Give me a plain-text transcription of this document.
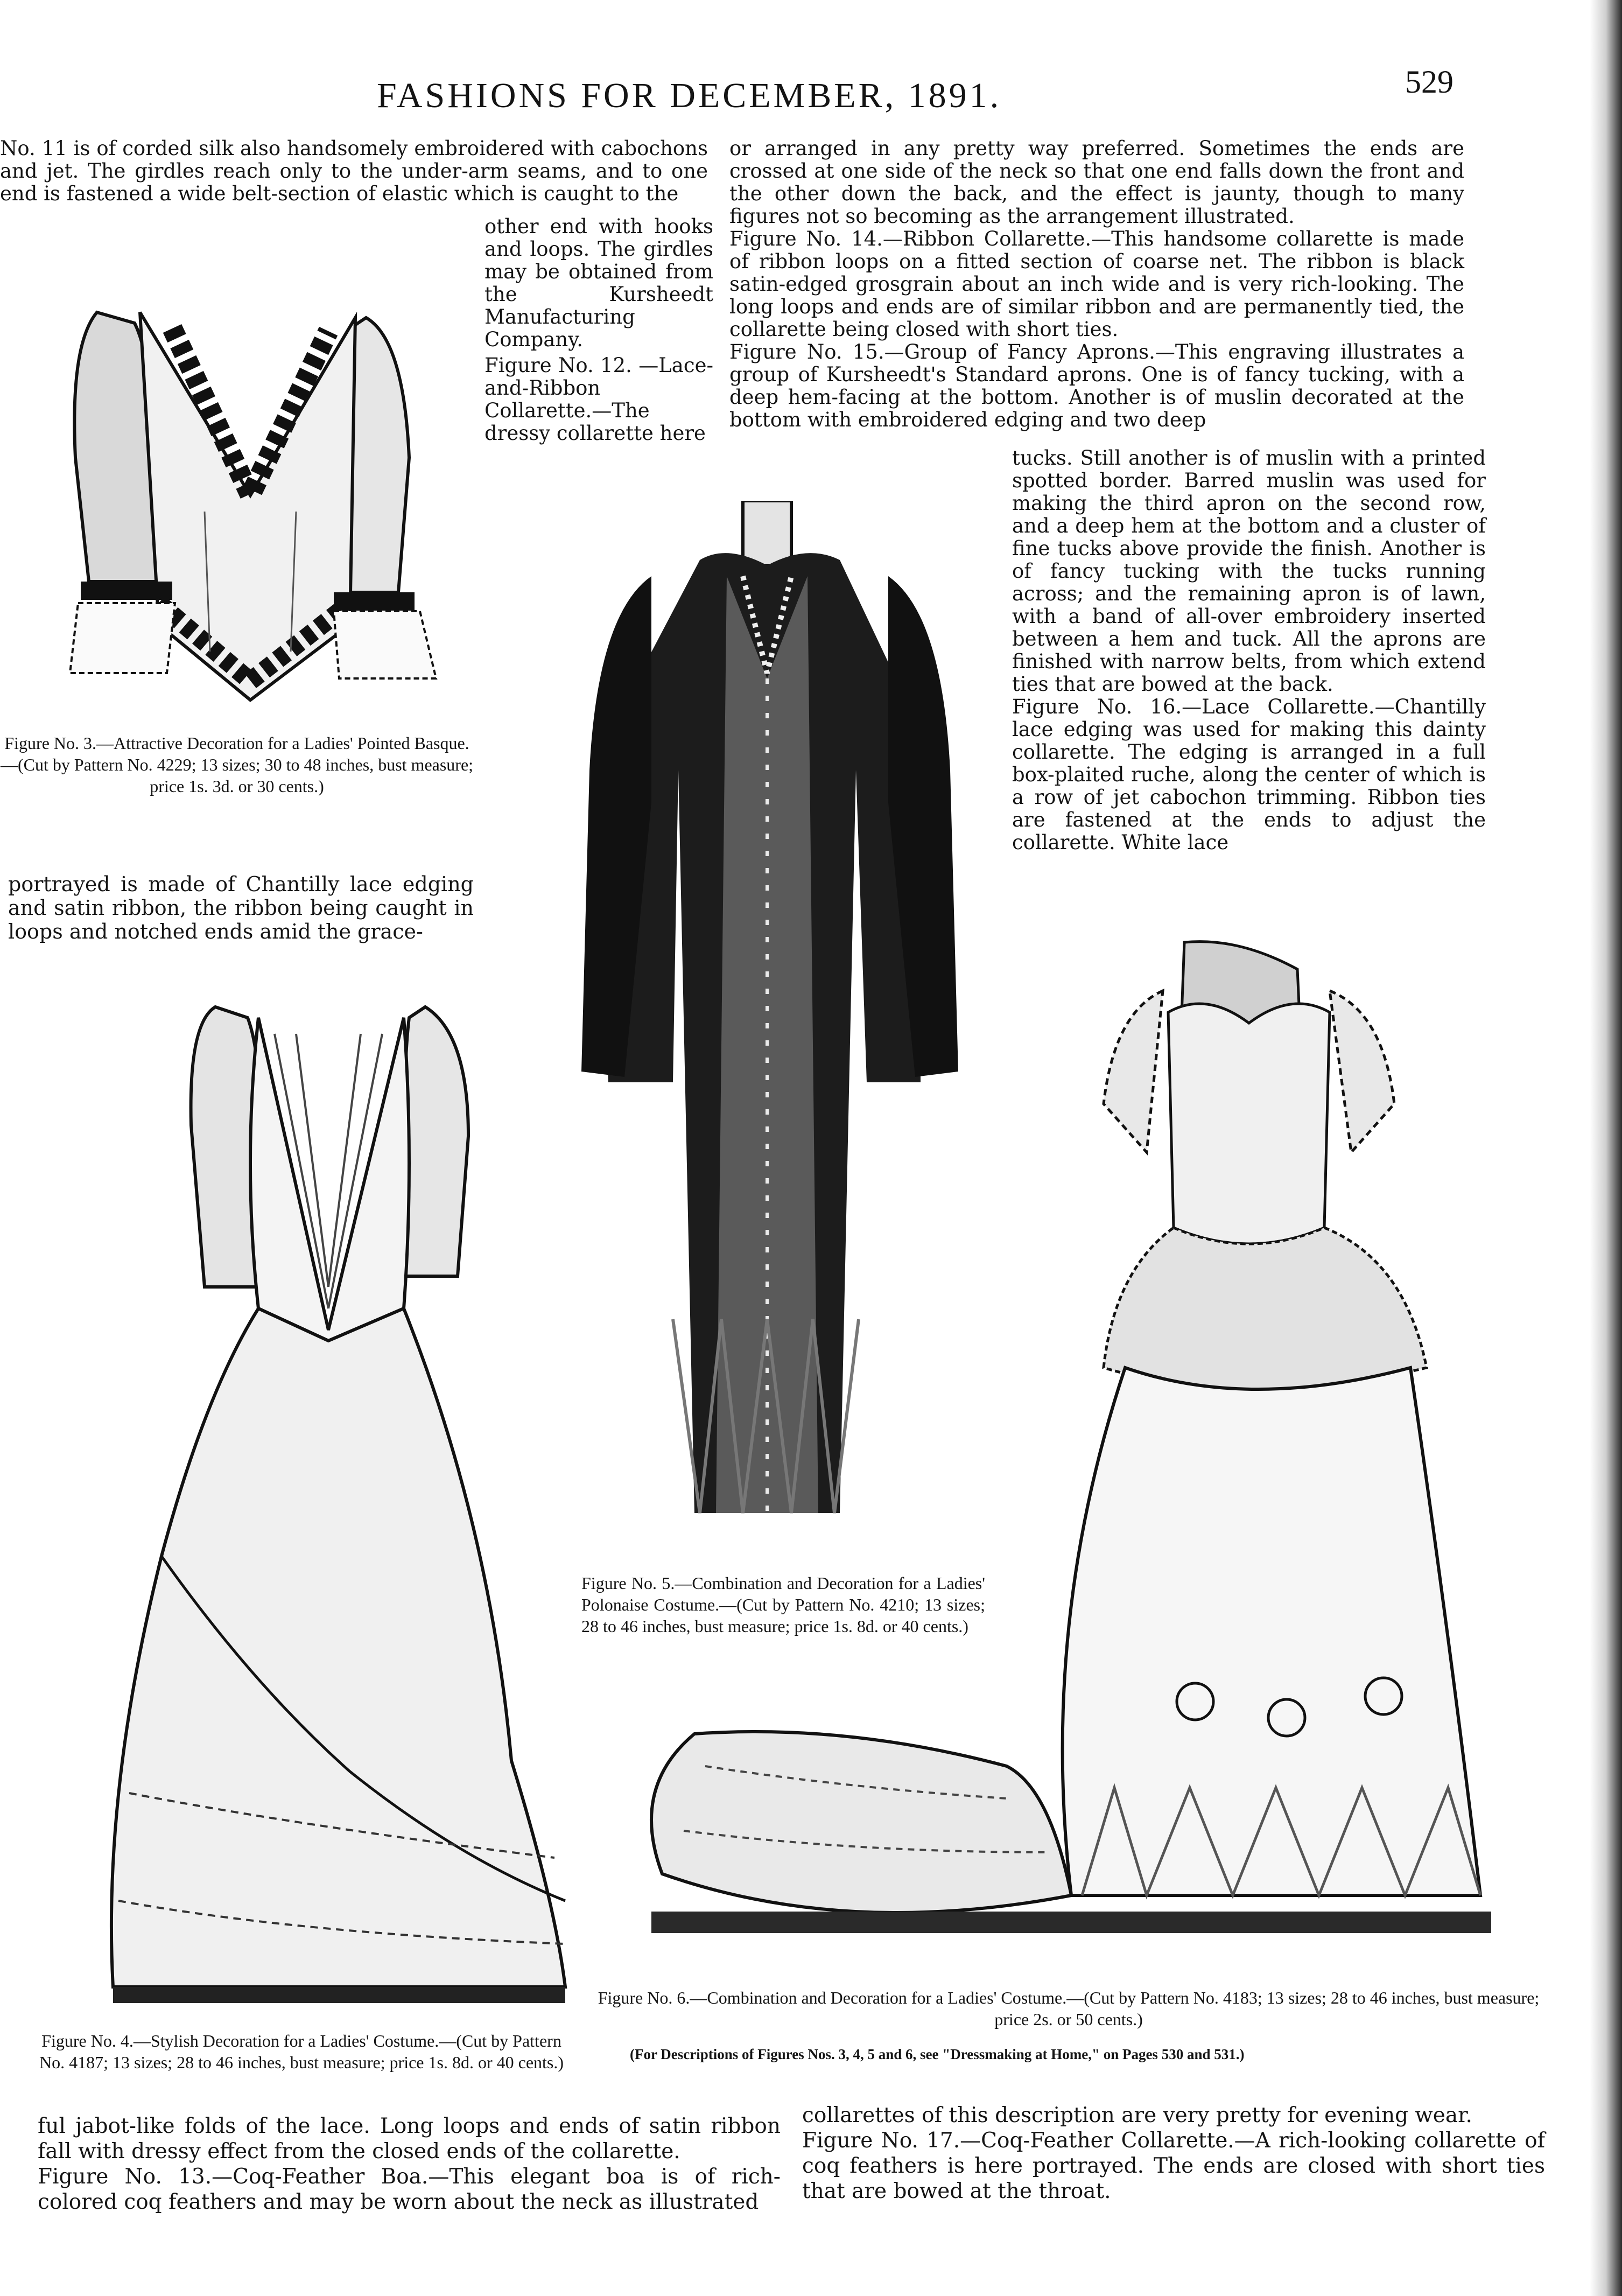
FASHIONS FOR DECEMBER, 1891.	529

No. 11 is of corded silk also handsomely embroidered with cabochons and jet. The girdles reach only to the under-arm seams, and to one end is fastened a wide belt-section of elastic which is caught to the

other end with hooks and loops. The girdles may be obtained from the Kursheedt Manufacturing Company.

Figure No. 12. —Lace-and-Ribbon Collarette.—The dressy collarette here

Figure No. 3.—Attractive Decoration for a Ladies' Pointed Basque.—(Cut by Pattern No. 4229; 13 sizes; 30 to 48 inches, bust measure; price 1s. 3d. or 30 cents.)

portrayed is made of Chantilly lace edging and satin ribbon, the ribbon being caught in loops and notched ends amid the grace-

or arranged in any pretty way preferred. Sometimes the ends are crossed at one side of the neck so that one end falls down the front and the other down the back, and the effect is jaunty, though to many figures not so becoming as the arrangement illustrated.

Figure No. 14.—Ribbon Collarette.—This handsome collarette is made of ribbon loops on a fitted section of coarse net. The ribbon is black satin-edged grosgrain about an inch wide and is very rich-looking. The long loops and ends are of similar ribbon and are permanently tied, the collarette being closed with short ties.

Figure No. 15.—Group of Fancy Aprons.—This engraving illustrates a group of Kursheedt's Standard aprons. One is of fancy tucking, with a deep hem-facing at the bottom. Another is of muslin decorated at the bottom with embroidered edging and two deep

tucks. Still another is of muslin with a printed spotted border. Barred muslin was used for making the third apron on the second row, and a deep hem at the bottom and a cluster of fine tucks above provide the finish. Another is of fancy tucking with the tucks running across; and the remaining apron is of lawn, with a band of all-over embroidery inserted between a hem and tuck. All the aprons are finished with narrow belts, from which extend ties that are bowed at the back.

Figure No. 16.—Lace Collarette.—Chantilly lace edging was used for making this dainty collarette. The edging is arranged in a full box-plaited ruche, along the center of which is a row of jet cabochon trimming. Ribbon ties are fastened at the ends to adjust the collarette. White lace

Figure No. 5.—Combination and Decoration for a Ladies' Polonaise Costume.—(Cut by Pattern No. 4210; 13 sizes; 28 to 46 inches, bust measure; price 1s. 8d. or 40 cents.)
Figure No. 4.—Stylish Decoration for a Ladies' Costume.—(Cut by Pattern No. 4187; 13 sizes; 28 to 46 inches, bust measure; price 1s. 8d. or 40 cents.)
Figure No. 6.—Combination and Decoration for a Ladies' Costume.—(Cut by Pattern No. 4183; 13 sizes; 28 to 46 inches, bust measure; price 2s. or 50 cents.)
(For Descriptions of Figures Nos. 3, 4, 5 and 6, see "Dressmaking at Home," on Pages 530 and 531.)

ful jabot-like folds of the lace. Long loops and ends of satin ribbon fall with dressy effect from the closed ends of the collarette.

Figure No. 13.—Coq-Feather Boa.—This elegant boa is of rich-colored coq feathers and may be worn about the neck as illustrated

collarettes of this description are very pretty for evening wear.

Figure No. 17.—Coq-Feather Collarette.—A rich-looking collarette of coq feathers is here portrayed. The ends are closed with short ties that are bowed at the throat.
